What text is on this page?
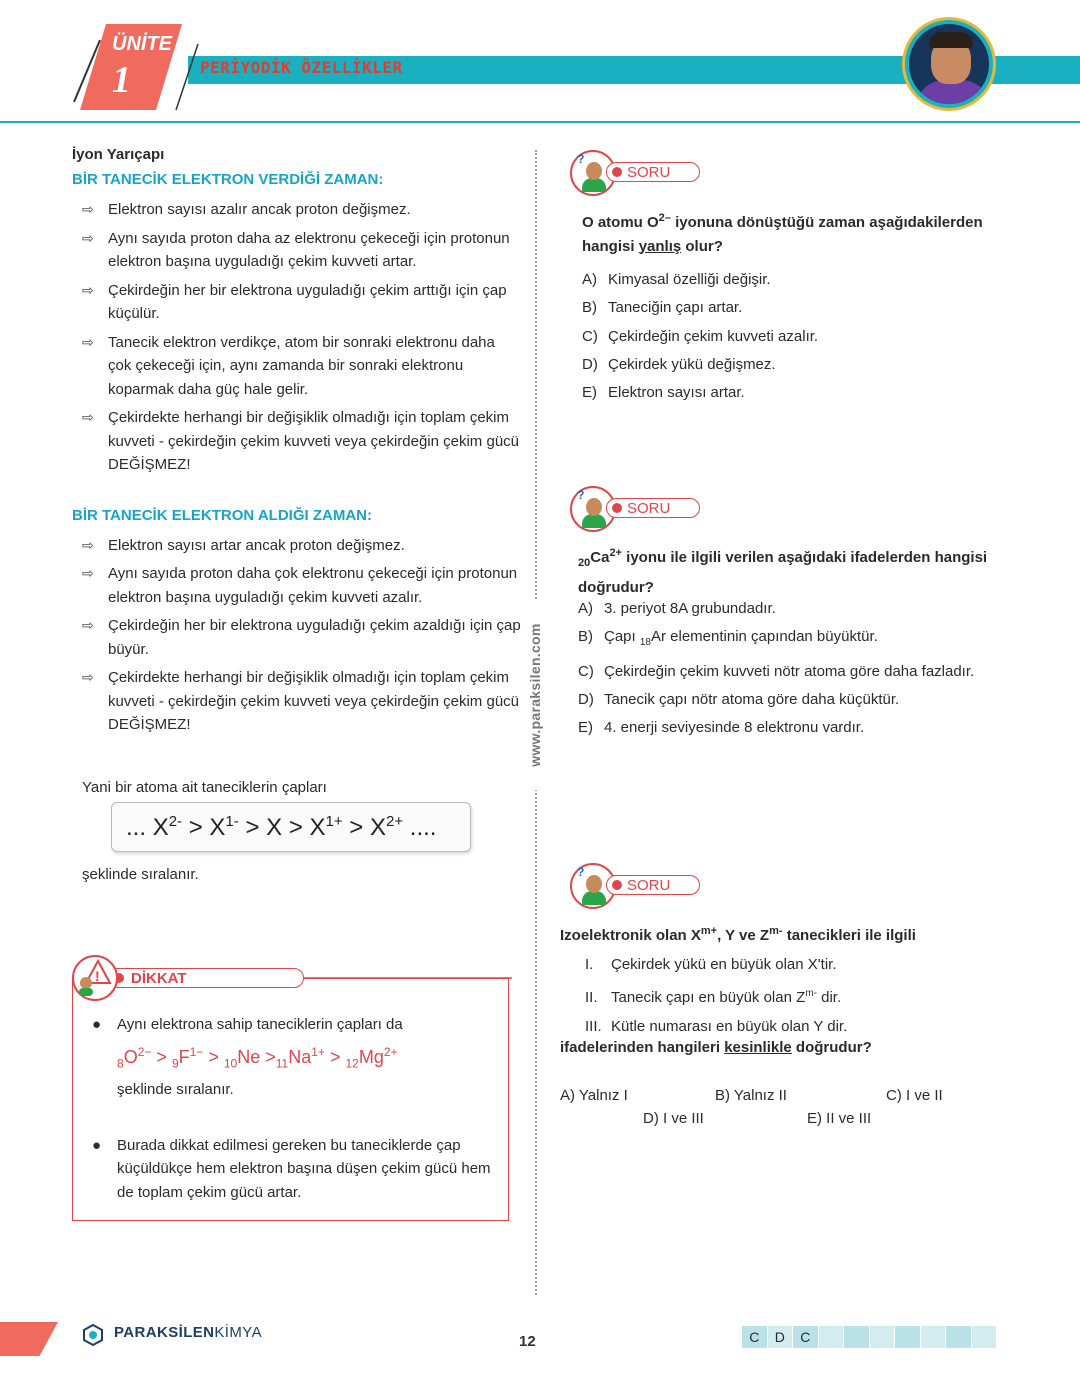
ÜNİTE
1	PERİYODİK ÖZELLİKLER
İyon Yarıçapı
BİR TANECİK ELEKTRON VERDİĞİ ZAMAN:
⇨ Elektron sayısı azalır ancak proton değişmez.
⇨ Aynı sayıda proton daha az elektronu çekeceği için protonun elektron başına uyguladığı çekim kuvveti artar.
⇨ Çekirdeğin her bir elektrona uyguladığı çekim arttığı için çap küçülür.
⇨ Tanecik elektron verdikçe, atom bir sonraki elektronu daha çok çekeceği için, aynı zamanda bir sonraki elektronu koparmak daha güç hale gelir.
⇨ Çekirdekte herhangi bir değişiklik olmadığı için toplam çekim kuvveti - çekirdeğin çekim kuvveti veya çekirdeğin çekim gücü DEĞİŞMEZ!
BİR TANECİK ELEKTRON ALDIĞI ZAMAN:
⇨ Elektron sayısı artar ancak proton değişmez.
⇨ Aynı sayıda proton daha çok elektronu çekeceği için protonun elektron başına uyguladığı çekim kuvveti azalır.
⇨ Çekirdeğin her bir elektrona uyguladığı çekim azaldığı için çap büyür.
⇨ Çekirdekte herhangi bir değişiklik olmadığı için toplam çekim kuvveti - çekirdeğin çekim kuvveti veya çekirdeğin çekim gücü DEĞİŞMEZ!
Yani bir atoma ait taneciklerin çapları
... $X^{2-} > X^{1-} > X > X^{1+} > X^{2+}$ ....
şeklinde sıralanır.
DİKKAT
!
● Aynı elektrona sahip taneciklerin çapları da
$_8O^{2-} > _9F^{1-} > _{10}Ne >_{11}Na^{1+} > _{12}Mg^{2+}$
şeklinde sıralanır.
● Burada dikkat edilmesi gereken bu taneciklerde çap küçüldükçe hem elektron başına düşen çekim gücü hem de toplam çekim gücü artar.
www.paraksilen.com
?
SORU
O atomu $O^{2-}$ iyonuna dönüştüğü zaman aşağıdakilerden hangisi yanlış olur?
A) Kimyasal özelliği değişir.
B) Taneciğin çapı artar.
C) Çekirdeğin çekim kuvveti azalır.
D) Çekirdek yükü değişmez.
E) Elektron sayısı artar.
?
SORU
$_{20}Ca^{2+}$ iyonu ile ilgili verilen aşağıdaki ifadelerden hangisi doğrudur?
A) 3. periyot 8A grubundadır.
B) Çapı $_{18}$Ar elementinin çapından büyüktür.
C) Çekirdeğin çekim kuvveti nötr atoma göre daha fazladır.
D) Tanecik çapı nötr atoma göre daha küçüktür.
E) 4. enerji seviyesinde 8 elektronu vardır.
?
SORU
Izoelektronik olan $X^{m+}$, Y ve $Z^{m-}$ tanecikleri ile ilgili
I. Çekirdek yükü en büyük olan X'tir.
II. Tanecik çapı en büyük olan $Z^{m-}$ dir.
III. Kütle numarası en büyük olan Y dir.
ifadelerinden hangileri kesinlikle doğrudur?
A) Yalnız I	B) Yalnız II	C) I ve II
D) I ve III	E) II ve III
PARAKSİLENKİMYA
12	C	D	C
